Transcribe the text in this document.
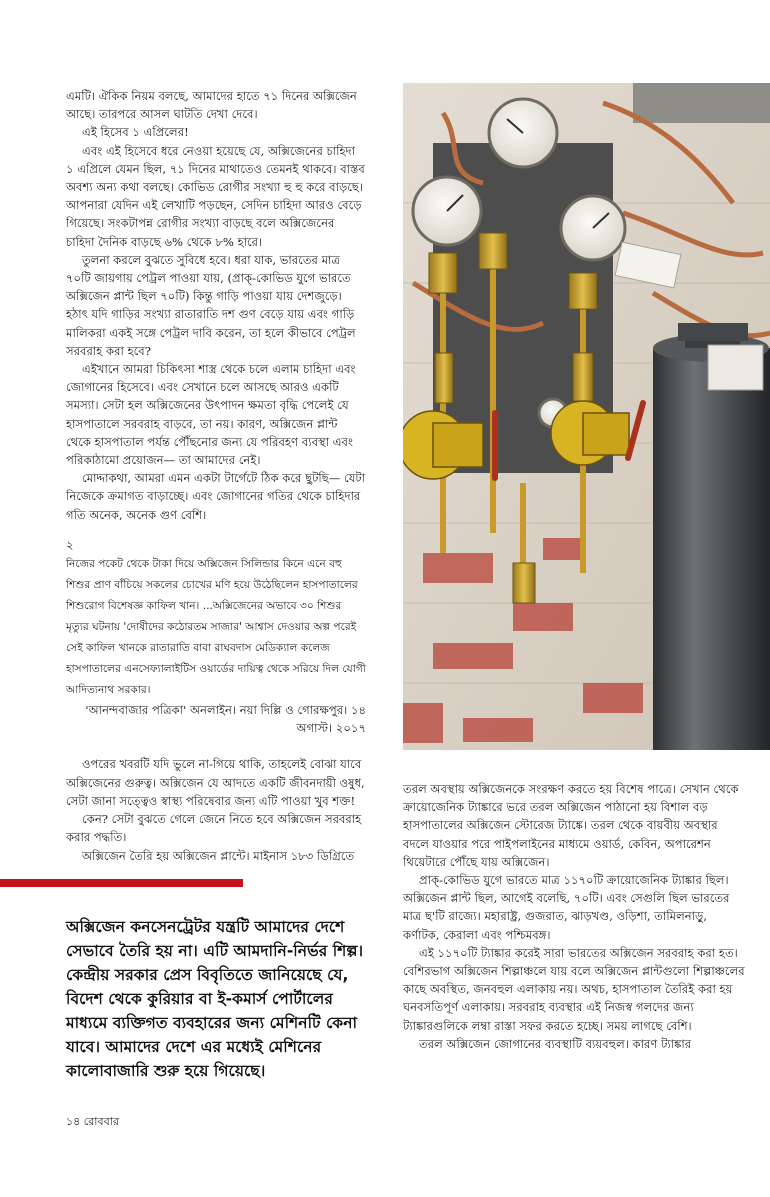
এমটি। ঐকিক নিয়ম বলছে, আমাদের হাতে ৭১ দিনের অক্সিজেন আছে। তারপরে আসল ঘাটতি দেখা দেবে।

এই হিসেব ১ এপ্রিলের!

এবং এই হিসেবে ধরে নেওয়া হয়েছে যে, অক্সিজেনের চাহিদা ১ এপ্রিলে যেমন ছিল, ৭১ দিনের মাথাতেও তেমনই থাকবে। বাস্তব অবশ্য অন্য কথা বলছে। কোভিড রোগীর সংখ্যা হু হু করে বাড়ছে। আপনারা যেদিন এই লেখাটি পড়ছেন, সেদিন চাহিদা আরও বেড়ে গিয়েছে। সংকটাপন্ন রোগীর সংখ্যা বাড়ছে বলে অক্সিজেনের চাহিদা দৈনিক বাড়ছে ৬% থেকে ৮% হারে।

তুলনা করলে বুঝতে সুবিধে হবে। ধরা যাক, ভারতের মাত্র ৭০টি জায়গায় পেট্রল পাওয়া যায়, (প্রাক্-কোভিড যুগে ভারতে অক্সিজেন প্লান্ট ছিল ৭০টি) কিন্তু গাড়ি পাওয়া যায় দেশজুড়ে। হঠাৎ যদি গাড়ির সংখ্যা রাতারাতি দশ গুণ বেড়ে যায় এবং গাড়ি মালিকরা একই সঙ্গে পেট্রল দাবি করেন, তা হলে কীভাবে পেট্রল সরবরাহ করা হবে?

এইখানে আমরা চিকিৎসা শাস্ত্র থেকে চলে এলাম চাহিদা এবং জোগানের হিসেবে। এবং সেখানে চলে আসছে আরও একটি সমস্যা। সেটা হল অক্সিজেনের উৎপাদন ক্ষমতা বৃদ্ধি পেলেই যে হাসপাতালে সরবরাহ বাড়বে, তা নয়। কারণ, অক্সিজেন প্লান্ট থেকে হাসপাতাল পর্যন্ত পৌঁছনোর জন্য যে পরিবহণ ব্যবস্থা এবং পরিকাঠামো প্রয়োজন— তা আমাদের নেই।

মোদ্দাকথা, আমরা এমন একটা টার্গেটে ঠিক করে ছুটছি— যেটা নিজেকে ক্রমাগত বাড়াচ্ছে। এবং জোগানের গতির থেকে চাহিদার গতি অনেক, অনেক গুণ বেশি।

২

নিজের পকেট থেকে টাকা দিয়ে অক্সিজেন সিলিন্ডার কিনে এনে বহু শিশুর প্রাণ বাঁচিয়ে সকলের চোখের মণি হয়ে উঠেছিলেন হাসপাতালের শিশুরোগ বিশেষজ্ঞ কাফিল খান। ...অক্সিজেনের অভাবে ৩০ শিশুর মৃত্যুর ঘটনায় 'দোষীদের কঠোরতম সাজার' আশ্বাস দেওয়ার অল্প পরেই সেই কাফিল খানকে রাতারাতি বাবা রাঘবদাস মেডিক্যাল কলেজ হাসপাতালের এনসেফ্যালাইটিস ওয়ার্ডের দায়িত্ব থেকে সরিয়ে দিল যোগী আদিত্যনাথ সরকার।

'আনন্দবাজার পত্রিকা' অনলাইন। নয়া দিল্লি ও গোরক্ষপুর। ১৪ অগাস্ট। ২০১৭

ওপরের খবরটি যদি ভুলে না-গিয়ে থাকি, তাহলেই বোঝা যাবে অক্সিজেনের গুরুত্ব। অক্সিজেন যে আদতে একটি জীবনদায়ী ওষুধ, সেটা জানা সত্ত্বেও স্বাস্থ্য পরিষেবার জন্য এটি পাওয়া খুব শক্ত!

কেন? সেটা বুঝতে গেলে জেনে নিতে হবে অক্সিজেন সরবরাহ করার পদ্ধতি।

অক্সিজেন তৈরি হয় অক্সিজেন প্লান্টে। মাইনাস ১৮৩ ডিগ্রিতে

তরল অবস্থায় অক্সিজেনকে সংরক্ষণ করতে হয় বিশেষ পাত্রে। সেখান থেকে ক্রায়োজেনিক ট্যাঙ্কারে ভরে তরল অক্সিজেন পাঠানো হয় বিশাল বড় হাসপাতালের অক্সিজেন স্টোরেজ ট্যাঙ্কে। তরল থেকে বায়বীয় অবস্থার বদলে যাওয়ার পরে পাইপলাইনের মাধ্যমে ওয়ার্ড, কেবিন, অপারেশন থিয়েটারে পৌঁছে যায় অক্সিজেন।

প্রাক্-কোভিড যুগে ভারতে মাত্র ১১৭০টি ক্রায়োজেনিক ট্যাঙ্কার ছিল। অক্সিজেন প্লান্ট ছিল, আগেই বলেছি, ৭০টি। এবং সেগুলি ছিল ভারতের মাত্র ছ'টি রাজ্যে। মহারাষ্ট্র, গুজরাত, ঝাড়খণ্ড, ওড়িশা, তামিলনাড়ু, কর্ণাটক, কেরালা এবং পশ্চিমবঙ্গ।

এই ১১৭০টি ট্যাঙ্কার করেই সারা ভারতের অক্সিজেন সরবরাহ করা হত। বেশিরভাগ অক্সিজেন শিল্পাঞ্চলে যায় বলে অক্সিজেন প্লান্টগুলো শিল্পাঞ্চলের কাছে অবস্থিত, জনবহুল এলাকায় নয়। অথচ, হাসপাতাল তৈরিই করা হয় ঘনবসতিপূর্ণ এলাকায়। সরবরাহ ব্যবস্থার এই নিজস্ব গলদের জন্য ট্যাঙ্কারগুলিকে লম্বা রাস্তা সফর করতে হচ্ছে। সময় লাগছে বেশি।

তরল অক্সিজেন জোগানের ব্যবস্থাটি ব্যয়বহুল। কারণ ট্যাঙ্কার

অক্সিজেন কনসেনট্রেটর যন্ত্রটি আমাদের দেশে সেভাবে তৈরি হয় না। এটি আমদানি-নির্ভর শিল্প। কেন্দ্রীয় সরকার প্রেস বিবৃতিতে জানিয়েছে যে, বিদেশ থেকে কুরিয়ার বা ই-কমার্স পোর্টালের মাধ্যমে ব্যক্তিগত ব্যবহারের জন্য মেশিনটি কেনা যাবে। আমাদের দেশে এর মধ্যেই মেশিনের কালোবাজারি শুরু হয়ে গিয়েছে।
১৪ রোববার
